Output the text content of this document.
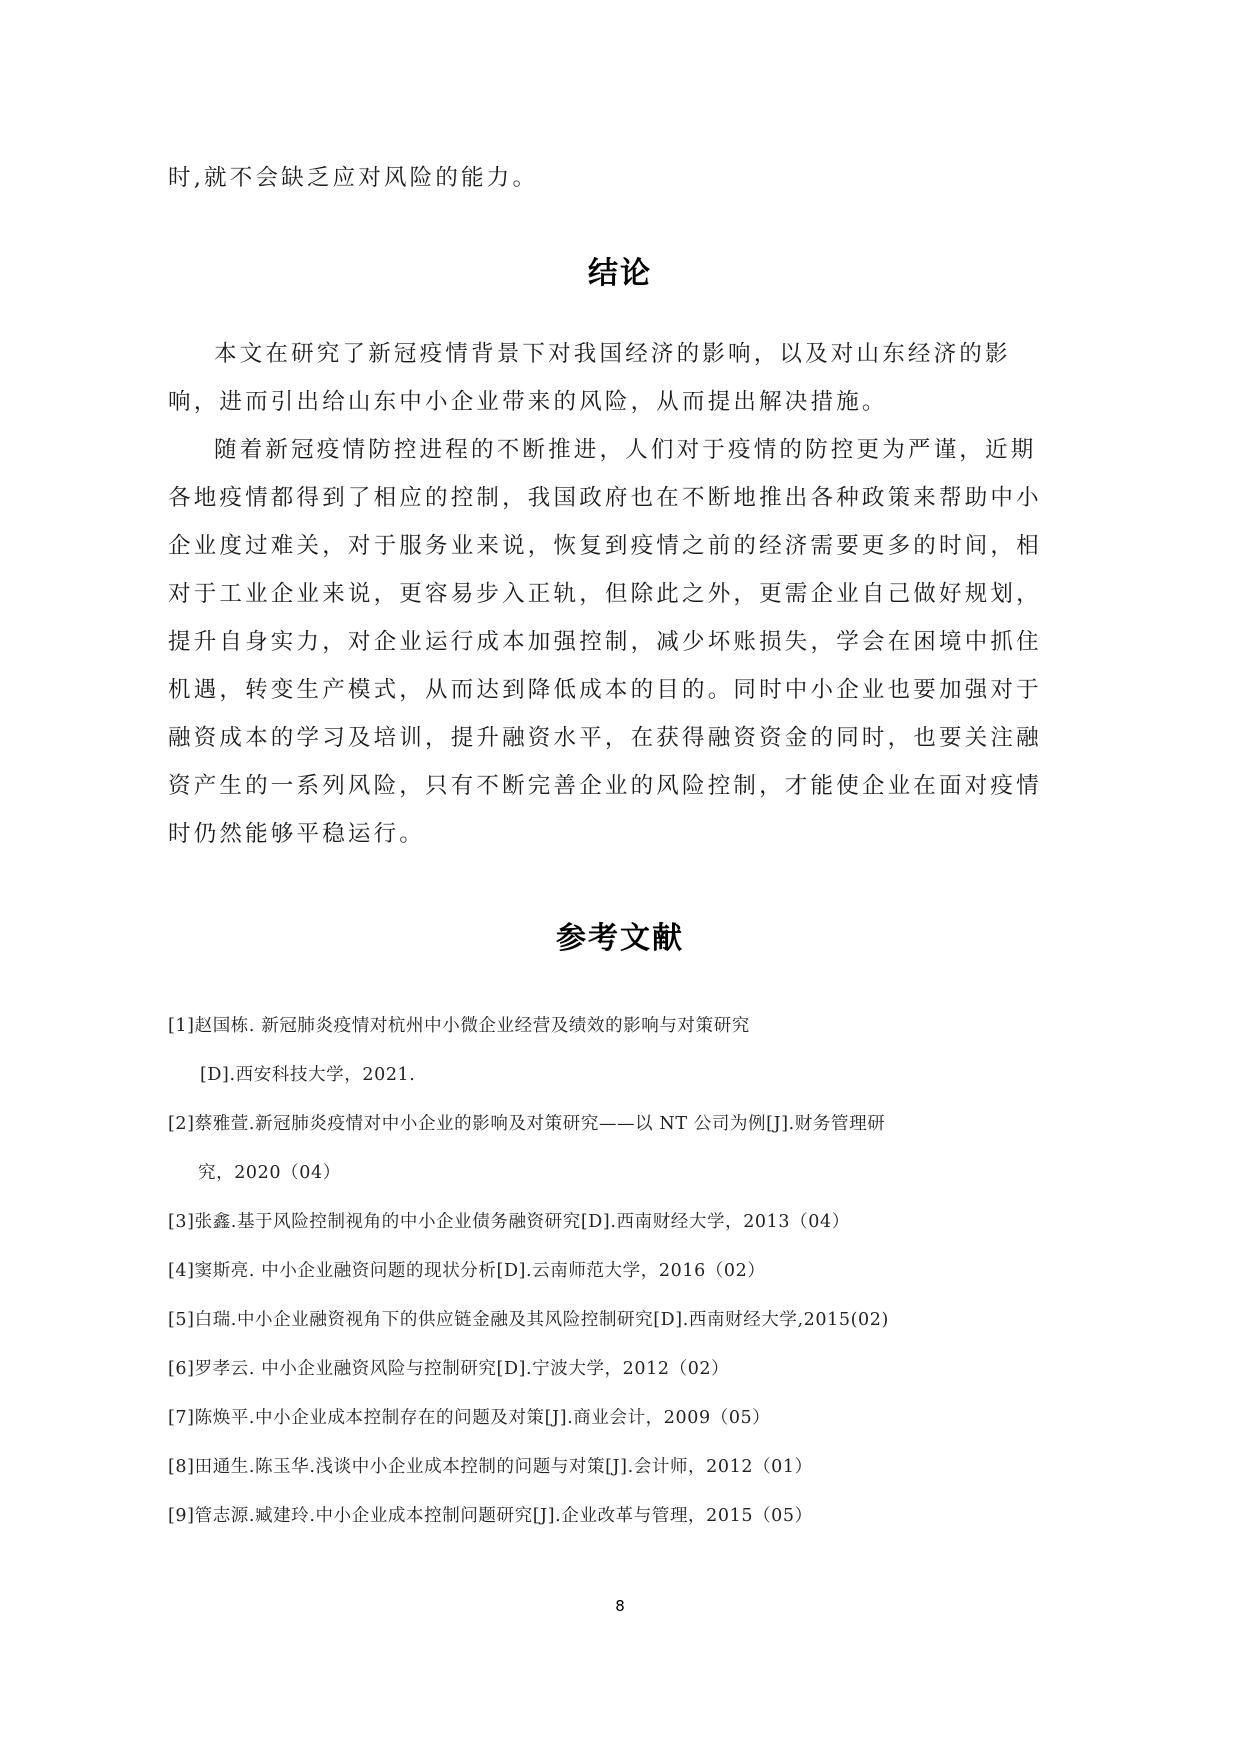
时,就不会缺乏应对风险的能力。
结论
本文在研究了新冠疫情背景下对我国经济的影响，以及对山东经济的影
响，进而引出给山东中小企业带来的风险，从而提出解决措施。
随着新冠疫情防控进程的不断推进，人们对于疫情的防控更为严谨，近期
各地疫情都得到了相应的控制，我国政府也在不断地推出各种政策来帮助中小
企业度过难关，对于服务业来说，恢复到疫情之前的经济需要更多的时间，相
对于工业企业来说，更容易步入正轨，但除此之外，更需企业自己做好规划，
提升自身实力，对企业运行成本加强控制，减少坏账损失，学会在困境中抓住
机遇，转变生产模式，从而达到降低成本的目的。同时中小企业也要加强对于
融资成本的学习及培训，提升融资水平，在获得融资资金的同时，也要关注融
资产生的一系列风险，只有不断完善企业的风险控制，才能使企业在面对疫情
时仍然能够平稳运行。
参考文献
[1]赵国栋. 新冠肺炎疫情对杭州中小微企业经营及绩效的影响与对策研究
[D].西安科技大学，2021.
[2]蔡雅萱.新冠肺炎疫情对中小企业的影响及对策研究——以 NT 公司为例[J].财务管理研
究，2020（04）
[3]张鑫.基于风险控制视角的中小企业债务融资研究[D].西南财经大学，2013（04）
[4]窦斯亮. 中小企业融资问题的现状分析[D].云南师范大学，2016（02）
[5]白瑞.中小企业融资视角下的供应链金融及其风险控制研究[D].西南财经大学,2015(02)
[6]罗孝云. 中小企业融资风险与控制研究[D].宁波大学，2012（02）
[7]陈焕平.中小企业成本控制存在的问题及对策[J].商业会计，2009（05）
[8]田通生.陈玉华.浅谈中小企业成本控制的问题与对策[J].会计师，2012（01）
[9]管志源.臧建玲.中小企业成本控制问题研究[J].企业改革与管理，2015（05）
8
